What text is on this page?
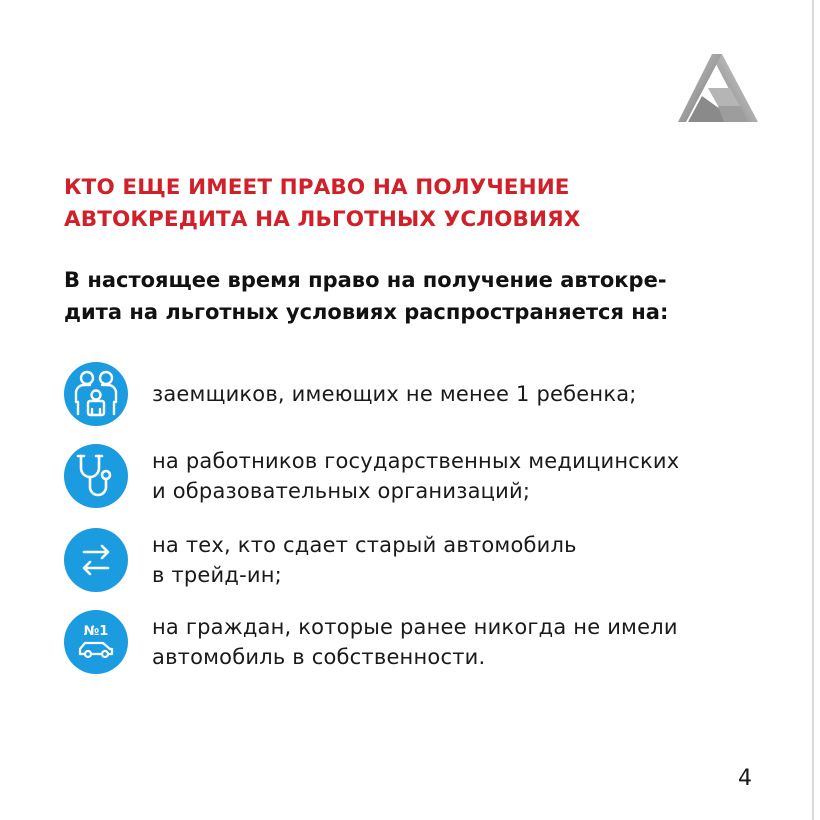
КТО ЕЩЕ ИМЕЕТ ПРАВО НА ПОЛУЧЕНИЕ
АВТОКРЕДИТА НА ЛЬГОТНЫХ УСЛОВИЯХ

В настоящее время право на получение автокре-
дита на льготных условиях распространяется на:

заемщиков, имеющих не менее 1 ребенка;
на работников государственных медицинских
и образовательных организаций;
на тех, кто сдает старый автомобиль
в трейд-ин;
№1 на граждан, которые ранее никогда не имели
автомобиль в собственности.
4
